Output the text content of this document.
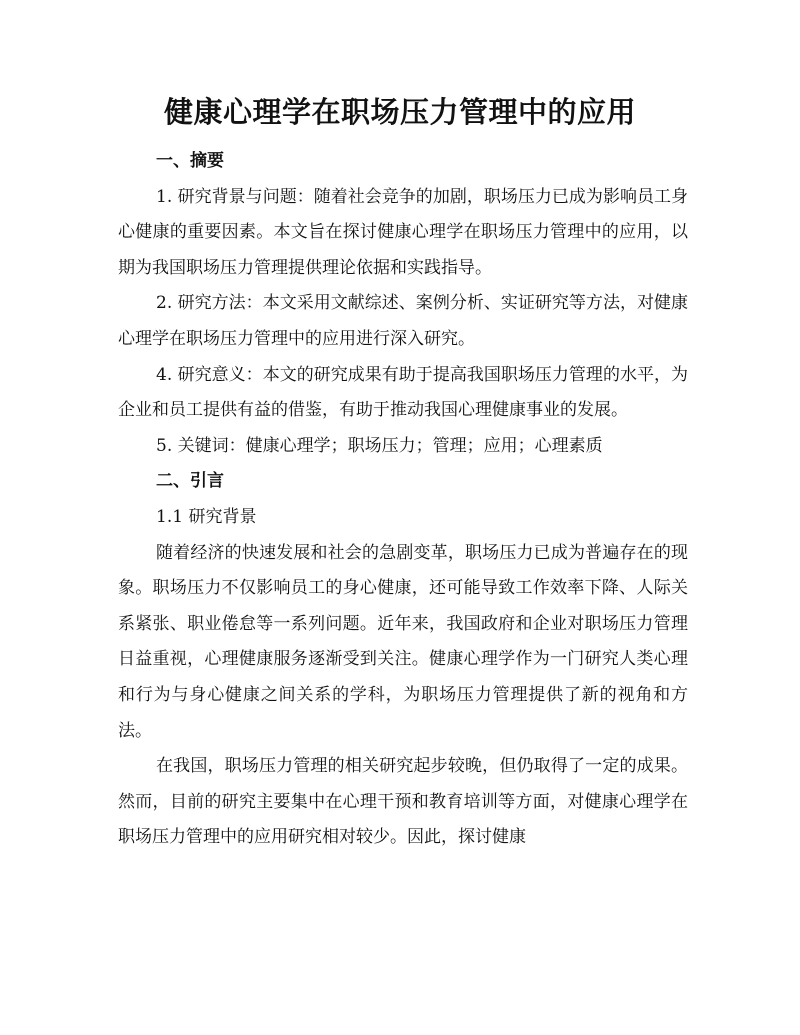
健康心理学在职场压力管理中的应用

一、摘要

1. 研究背景与问题：随着社会竞争的加剧，职场压力已成为影响员工身心健康的重要因素。本文旨在探讨健康心理学在职场压力管理中的应用，以期为我国职场压力管理提供理论依据和实践指导。

2. 研究方法：本文采用文献综述、案例分析、实证研究等方法，对健康心理学在职场压力管理中的应用进行深入研究。

4. 研究意义：本文的研究成果有助于提高我国职场压力管理的水平，为企业和员工提供有益的借鉴，有助于推动我国心理健康事业的发展。

5. 关键词：健康心理学；职场压力；管理；应用；心理素质

二、引言

1.1 研究背景

随着经济的快速发展和社会的急剧变革，职场压力已成为普遍存在的现象。职场压力不仅影响员工的身心健康，还可能导致工作效率下降、人际关系紧张、职业倦怠等一系列问题。近年来，我国政府和企业对职场压力管理日益重视，心理健康服务逐渐受到关注。健康心理学作为一门研究人类心理和行为与身心健康之间关系的学科，为职场压力管理提供了新的视角和方法。

在我国，职场压力管理的相关研究起步较晚，但仍取得了一定的成果。然而，目前的研究主要集中在心理干预和教育培训等方面，对健康心理学在职场压力管理中的应用研究相对较少。因此，探讨健康
